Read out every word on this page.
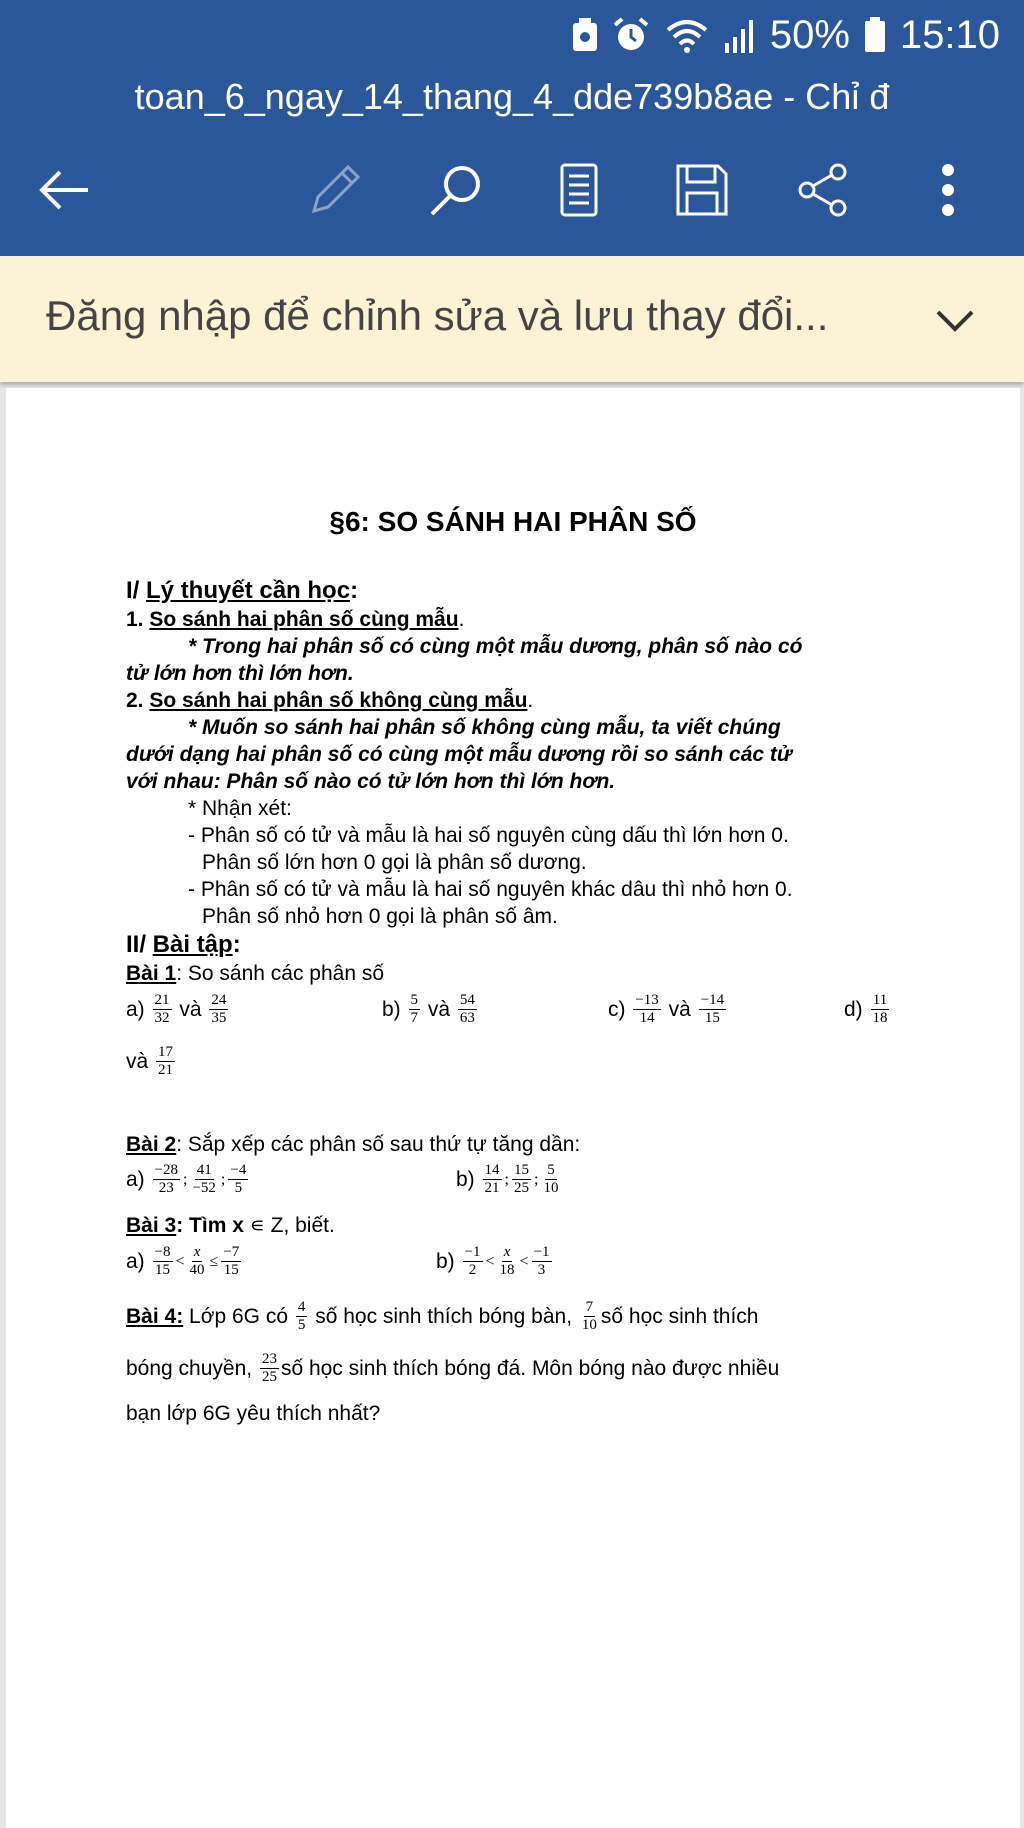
50% 15:10
toan_6_ngay_14_thang_4_dde739b8ae - Chỉ đ
Đăng nhập để chỉnh sửa và lưu thay đổi...
§6: SO SÁNH HAI PHÂN SỐ
I/ Lý thuyết cần học:
1. So sánh hai phân số cùng mẫu.
* Trong hai phân số có cùng một mẫu dương, phân số nào có
tử lớn hơn thì lớn hơn.
2. So sánh hai phân số không cùng mẫu.
* Muốn so sánh hai phân số không cùng mẫu, ta viết chúng
dưới dạng hai phân số có cùng một mẫu dương rồi so sánh các tử
với nhau: Phân số nào có tử lớn hơn thì lớn hơn.
* Nhận xét:
- Phân số có tử và mẫu là hai số nguyên cùng dấu thì lớn hơn 0.
Phân số lớn hơn 0 gọi là phân số dương.
- Phân số có tử và mẫu là hai số nguyên khác dâu thì nhỏ hơn 0.
Phân số nhỏ hơn 0 gọi là phân số âm.
II/ Bài tập:
Bài 1: So sánh các phân số
a)
$\frac{21}{32}$
và
$\frac{24}{35}$	b)
$\frac{5}{7}$
và
$\frac{54}{63}$	c)
$\frac{-13}{14}$
và
$\frac{-14}{15}$	d)
$\frac{11}{18}$
và
$\frac{17}{21}$
Bài 2: Sắp xếp các phân số sau thứ tự tăng dần:
a)
$\frac{-28}{23}$ ; $\frac{41}{-52}$ ; $\frac{-4}{5}$	b)
$\frac{14}{21}$ ; $\frac{15}{25}$ ; $\frac{5}{10}$
Bài 3: Tìm x ∊ Z, biết.
a)
$\frac{-8}{15} < \frac{x}{40} \le \frac{-7}{15}$	b)
$\frac{-1}{2} < \frac{x}{18} < \frac{-1}{3}$
Bài 4: Lớp 6G có $\frac{4}{5}$ số học sinh thích bóng bàn, $\frac{7}{10}$ số học sinh thích
bóng chuyền, $\frac{23}{25}$ số học sinh thích bóng đá. Môn bóng nào được nhiều
bạn lớp 6G yêu thích nhất?
